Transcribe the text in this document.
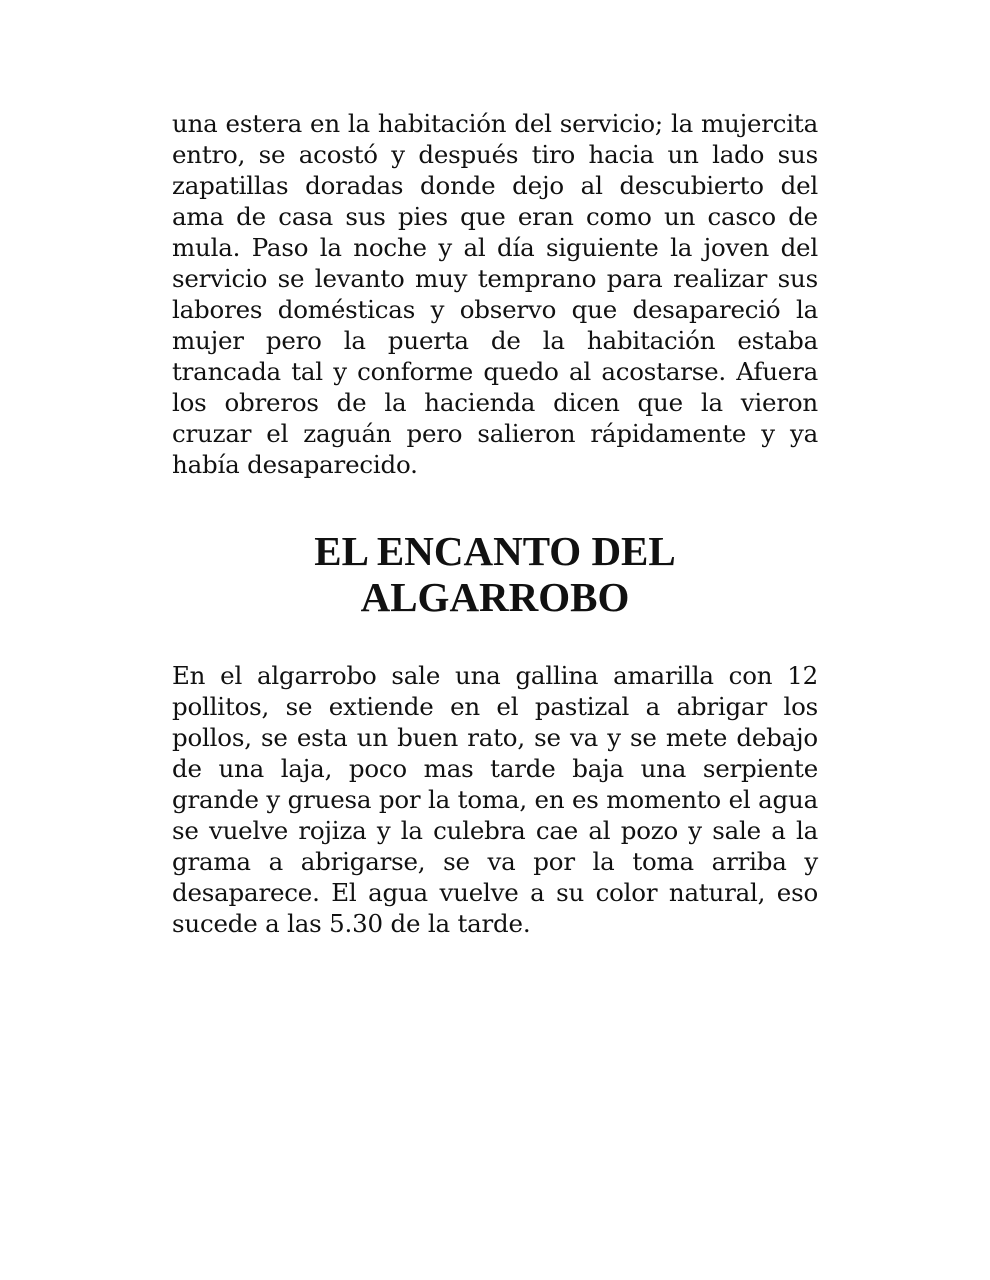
una estera en la habitación del servicio; la mujercita entro, se acostó y después tiro hacia un lado sus zapatillas doradas donde dejo al descubierto del ama de casa sus pies que eran como un casco de mula. Paso la noche y al día siguiente la joven del servicio se levanto muy temprano para realizar sus labores domésticas y observo que desapareció la mujer pero la puerta de la habitación estaba trancada tal y conforme quedo al acostarse. Afuera los obreros de la hacienda dicen que la vieron cruzar el zaguán pero salieron rápidamente y ya había desaparecido.

EL ENCANTO DEL
ALGARROBO

En el algarrobo sale una gallina amarilla con 12 pollitos, se extiende en el pastizal a abrigar los pollos, se esta un buen rato, se va y se mete debajo de una laja, poco mas tarde baja una serpiente grande y gruesa por la toma, en es momento el agua se vuelve rojiza y la culebra cae al pozo y sale a la grama a abrigarse, se va por la toma arriba y desaparece. El agua vuelve a su color natural, eso sucede a las 5.30 de la tarde.
